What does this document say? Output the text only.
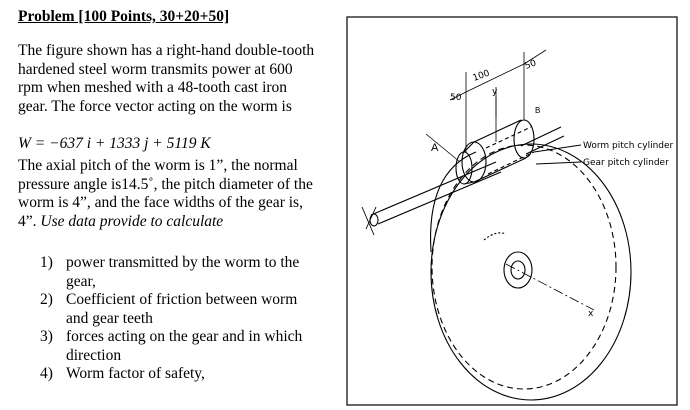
Problem [100 Points, 30+20+50]

The figure shown has a right-hand double-tooth
hardened steel worm transmits power at 600
rpm when meshed with a 48-tooth cast iron
gear. The force vector acting on the worm is

W = −637 i + 1333 j + 5119 K

The axial pitch of the worm is 1”, the normal
pressure angle is14.5˚, the pitch diameter of the
worm is 4”, and the face widths of the gear is,
4”. Use data provide to calculate

1) power transmitted by the worm to the
gear,
2) Coefficient of friction between worm
and gear teeth
3) forces acting on the gear and in which
direction
4) Worm factor of safety,
x
50
100
50
y
A
B
Worm pitch cylinder
Gear pitch cylinder
